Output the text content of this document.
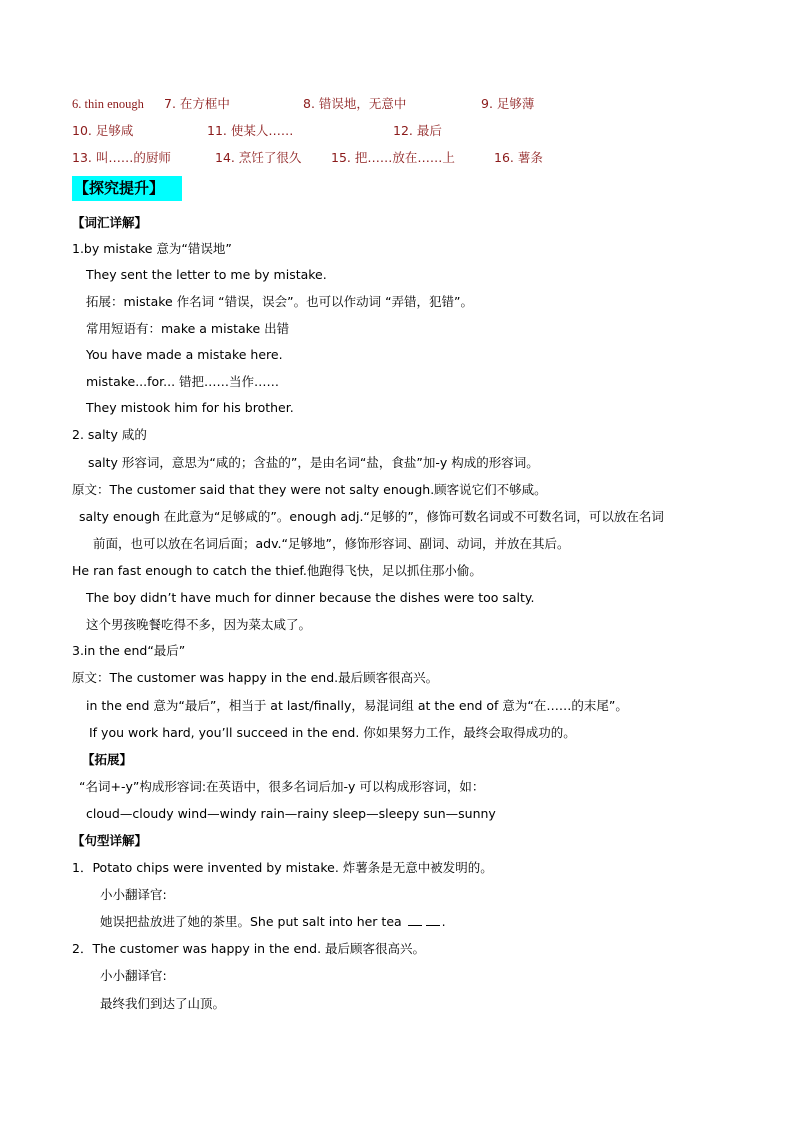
6. thin enough 7. 在方框中	8. 错误地，无意中	9. 足够薄
10. 足够咸	11. 使某人……	12. 最后
13. 叫……的厨师	14. 烹饪了很久 15. 把……放在……上	16. 薯条
【探究提升】
【词汇详解】
1.by mistake 意为“错误地”
They sent the letter to me by mistake.
拓展：mistake 作名词 “错误，误会”。也可以作动词 “弄错，犯错”。
常用短语有：make a mistake 出错
You have made a mistake here.
mistake...for... 错把……当作……
They mistook him for his brother.
2. salty 咸的
salty 形容词，意思为“咸的；含盐的”，是由名词“盐，食盐”加-y 构成的形容词。
原文：The customer said that they were not salty enough.顾客说它们不够咸。
salty enough 在此意为“足够咸的”。enough adj.“足够的”，修饰可数名词或不可数名词，可以放在名词
前面，也可以放在名词后面；adv.“足够地”，修饰形容词、副词、动词，并放在其后。
He ran fast enough to catch the thief.他跑得飞快，足以抓住那小偷。
The boy didn’t have much for dinner because the dishes were too salty.
这个男孩晚餐吃得不多，因为菜太咸了。
3.in the end“最后”
原文：The customer was happy in the end.最后顾客很高兴。
in the end 意为“最后”，相当于 at last/finally，易混词组 at the end of 意为“在……的末尾”。
If you work hard, you’ll succeed in the end. 你如果努力工作，最终会取得成功的。
【拓展】
“名词+-y”构成形容词:在英语中，很多名词后加-y 可以构成形容词，如：
cloud—cloudy wind—windy rain—rainy sleep—sleepy sun—sunny
【句型详解】
1．Potato chips were invented by mistake. 炸薯条是无意中被发明的。
小小翻译官:
她误把盐放进了她的茶里。She put salt into her tea	.
2．The customer was happy in the end. 最后顾客很高兴。
小小翻译官:
最终我们到达了山顶。
